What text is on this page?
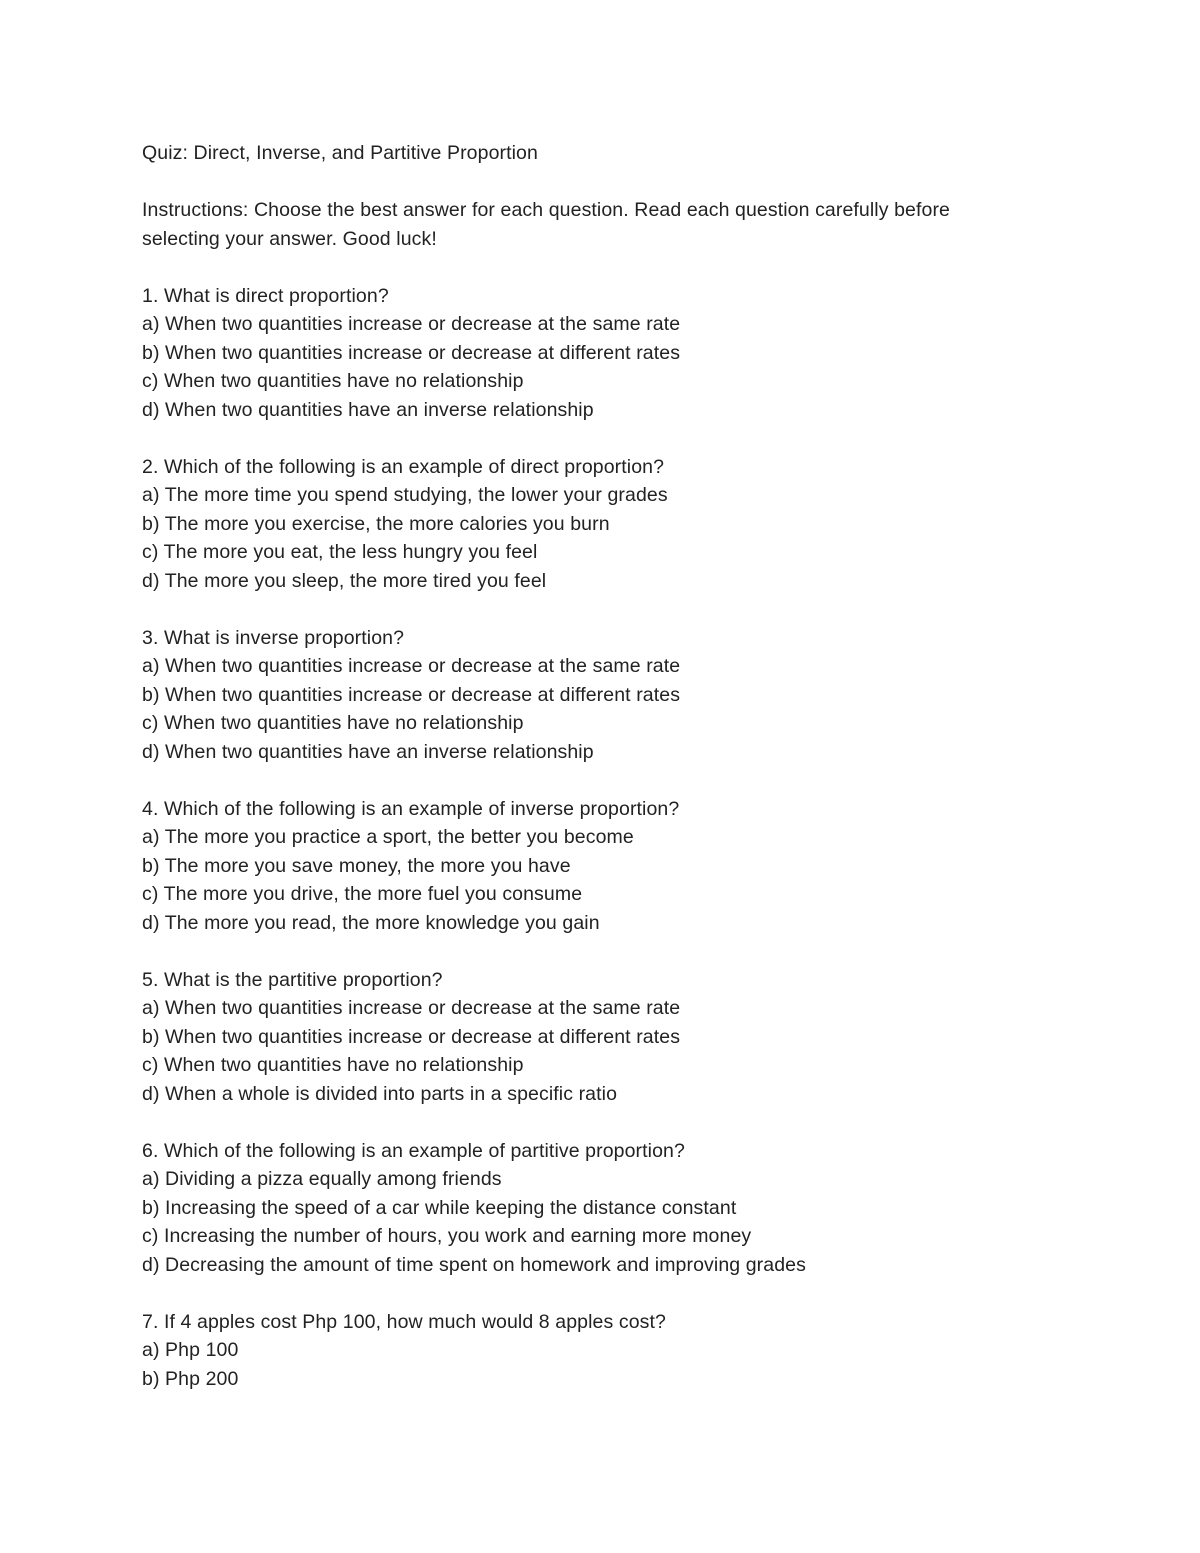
Quiz: Direct, Inverse, and Partitive Proportion
Instructions: Choose the best answer for each question. Read each question carefully before
selecting your answer. Good luck!
1. What is direct proportion?
a) When two quantities increase or decrease at the same rate
b) When two quantities increase or decrease at different rates
c) When two quantities have no relationship
d) When two quantities have an inverse relationship
2. Which of the following is an example of direct proportion?
a) The more time you spend studying, the lower your grades
b) The more you exercise, the more calories you burn
c) The more you eat, the less hungry you feel
d) The more you sleep, the more tired you feel
3. What is inverse proportion?
a) When two quantities increase or decrease at the same rate
b) When two quantities increase or decrease at different rates
c) When two quantities have no relationship
d) When two quantities have an inverse relationship
4. Which of the following is an example of inverse proportion?
a) The more you practice a sport, the better you become
b) The more you save money, the more you have
c) The more you drive, the more fuel you consume
d) The more you read, the more knowledge you gain
5. What is the partitive proportion?
a) When two quantities increase or decrease at the same rate
b) When two quantities increase or decrease at different rates
c) When two quantities have no relationship
d) When a whole is divided into parts in a specific ratio
6. Which of the following is an example of partitive proportion?
a) Dividing a pizza equally among friends
b) Increasing the speed of a car while keeping the distance constant
c) Increasing the number of hours, you work and earning more money
d) Decreasing the amount of time spent on homework and improving grades
7. If 4 apples cost Php 100, how much would 8 apples cost?
a) Php 100
b) Php 200
